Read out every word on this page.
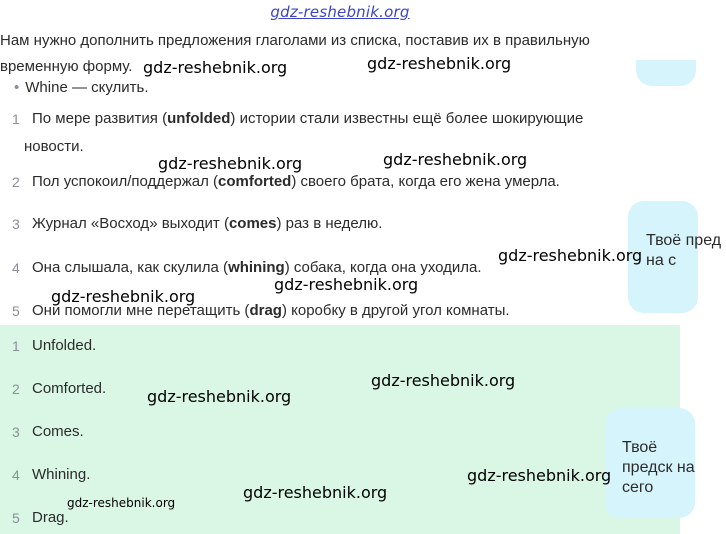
gdz-reshebnik.org
Нам нужно дополнить предложения глаголами из списка, поставив их в правильную
временную форму.
• Whine — скулить.
1 По мере развития (unfolded) истории стали известны ещё более шокирующие
новости.
2 Пол успокоил/поддержал (comforted) своего брата, когда его жена умерла.
3 Журнал «Восход» выходит (comes) раз в неделю.
4 Она слышала, как скулила (whining) собака, когда она уходила.
5 Они помогли мне перетащить (drag) коробку в другой угол комнаты.
1 Unfolded.
2 Comforted.
3 Comes.
4 Whining.
5 Drag.
Твоё пред на с
Твоё предск на сего
gdz-reshebnik.org	gdz-reshebnik.org
gdz-reshebnik.org	gdz-reshebnik.org
gdz-reshebnik.org
gdz-reshebnik.org
gdz-reshebnik.org
gdz-reshebnik.org
gdz-reshebnik.org
gdz-reshebnik.org
gdz-reshebnik.org
gdz-reshebnik.org
